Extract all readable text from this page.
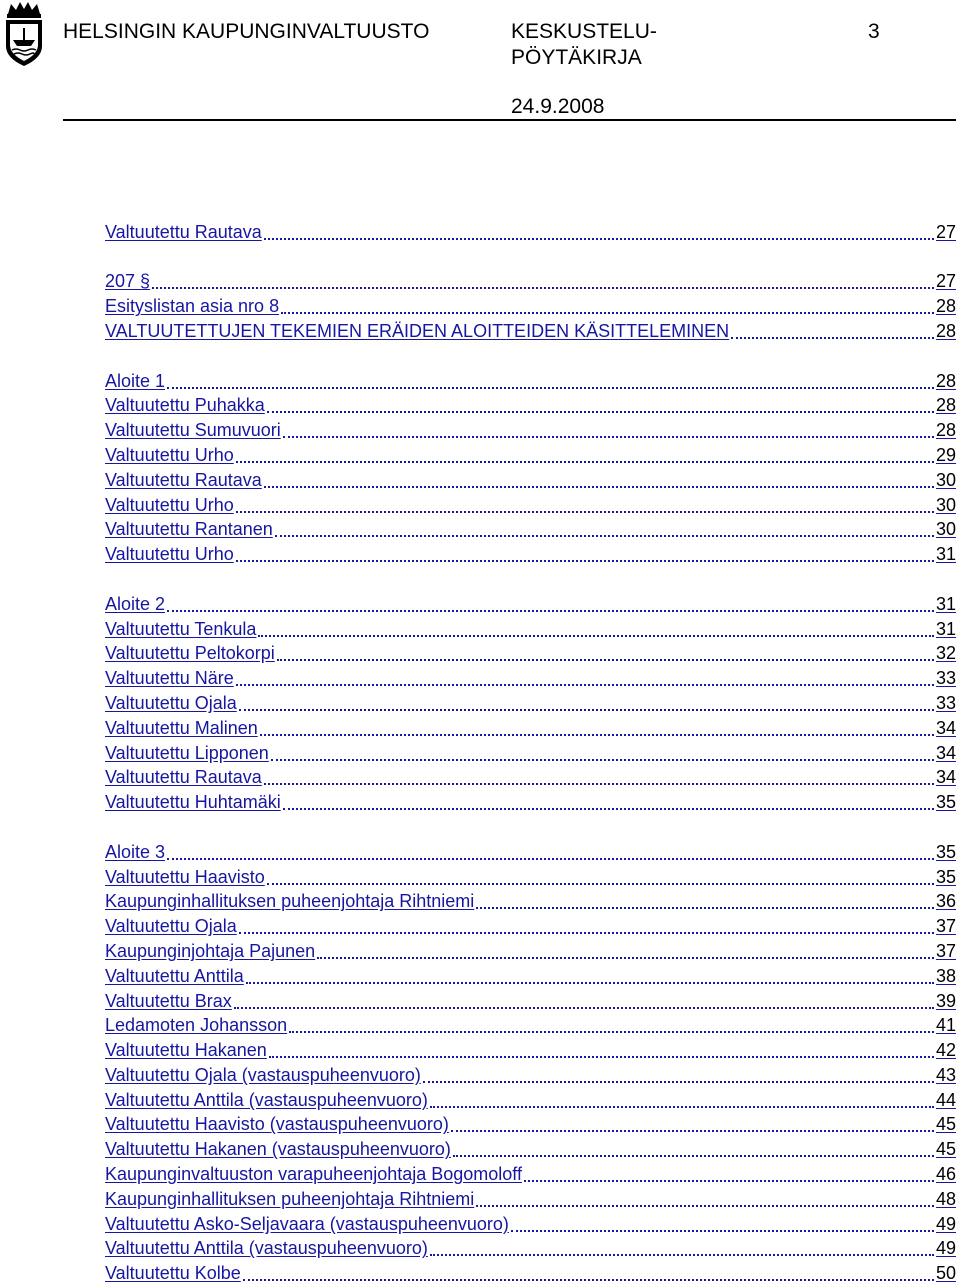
HELSINGIN KAUPUNGINVALTUUSTO	KESKUSTELU-
PÖYTÄKIRJA
3
24.9.2008
Valtuutettu Rautava	27
207 §	27
Esityslistan asia nro 8	28
VALTUUTETTUJEN TEKEMIEN ERÄIDEN ALOITTEIDEN KÄSITTELEMINEN	28
Aloite 1	28
Valtuutettu Puhakka	28
Valtuutettu Sumuvuori	28
Valtuutettu Urho	29
Valtuutettu Rautava	30
Valtuutettu Urho	30
Valtuutettu Rantanen	30
Valtuutettu Urho	31
Aloite 2	31
Valtuutettu Tenkula	31
Valtuutettu Peltokorpi	32
Valtuutettu Näre	33
Valtuutettu Ojala	33
Valtuutettu Malinen	34
Valtuutettu Lipponen	34
Valtuutettu Rautava	34
Valtuutettu Huhtamäki	35
Aloite 3	35
Valtuutettu Haavisto	35
Kaupunginhallituksen puheenjohtaja Rihtniemi	36
Valtuutettu Ojala	37
Kaupunginjohtaja Pajunen	37
Valtuutettu Anttila	38
Valtuutettu Brax	39
Ledamoten Johansson	41
Valtuutettu Hakanen	42
Valtuutettu Ojala (vastauspuheenvuoro)	43
Valtuutettu Anttila (vastauspuheenvuoro)	44
Valtuutettu Haavisto (vastauspuheenvuoro)	45
Valtuutettu Hakanen (vastauspuheenvuoro)	45
Kaupunginvaltuuston varapuheenjohtaja Bogomoloff	46
Kaupunginhallituksen puheenjohtaja Rihtniemi	48
Valtuutettu Asko-Seljavaara (vastauspuheenvuoro)	49
Valtuutettu Anttila (vastauspuheenvuoro)	49
Valtuutettu Kolbe	50
